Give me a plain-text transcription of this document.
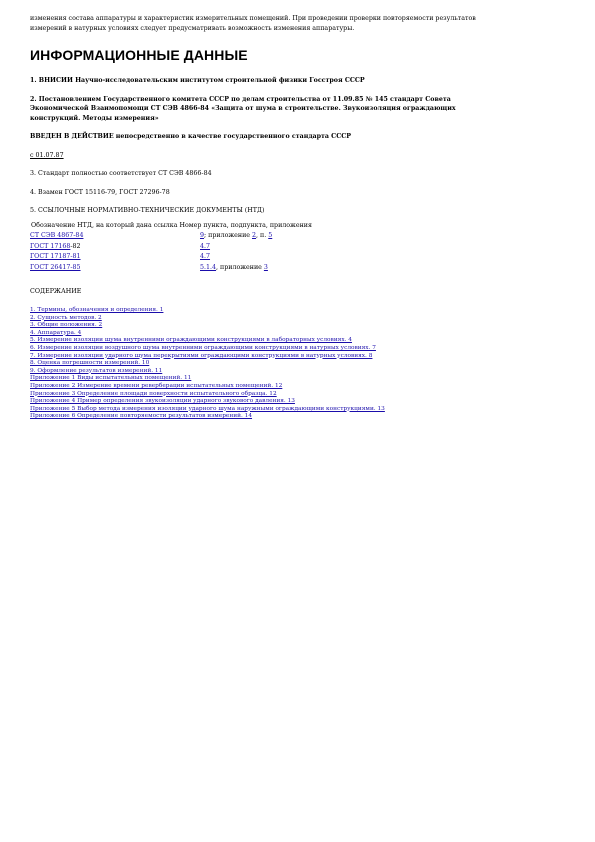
изменения состава аппаратуры и характеристик измерительных помещений. При проведении проверки повторяемости результатов
измерений в натурных условиях следует предусматривать возможность изменения аппаратуры.

ИНФОРМАЦИОННЫЕ ДАННЫЕ

1. ВНИСИИ Научно-исследовательским институтом строительной физики Госстроя СССР

2. Постановлением Государственного комитета СССР по делам строительства от 11.09.85 № 145 стандарт Совета
Экономической Взаимопомощи СТ СЭВ 4866-84 «Защита от шума в строительстве. Звукоизоляция ограждающих
конструкций. Методы измерения»

ВВЕДЕН В ДЕЙСТВИЕ непосредственно в качестве государственного стандарта СССР

с 01.07.87

3. Стандарт полностью соответствует СТ СЭВ 4866-84

4. Взамен ГОСТ 15116-79, ГОСТ 27296-78

5. ССЫЛОЧНЫЕ НОРМАТИВНО-ТЕХНИЧЕСКИЕ ДОКУМЕНТЫ (НТД)

Обозначение НТД, на который дана ссылка Номер пункта, подпункта, приложения	
СТ СЭВ 4867-84	9; приложение 2, п. 5
ГОСТ 17168-82	4.7
ГОСТ 17187-81	4.7
ГОСТ 26417-85	5.1.4, приложение 3
СОДЕРЖАНИЕ
1. Термины, обозначения и определения. 1
2. Сущность методов. 2
3. Общие положения. 2
4. Аппаратура. 4
5. Измерение изоляции шума внутренними ограждающими конструкциями в лабораторных условиях. 4
6. Измерение изоляции воздушного шума внутренними ограждающими конструкциями в натурных условиях. 7
7. Измерение изоляции ударного шума перекрытиями ограждающими конструкциями в натурных условиях. 8
8. Оценка погрешности измерений. 10
9. Оформление результатов измерений. 11
Приложение 1 Виды испытательных помещений. 11
Приложение 2 Измерение времени реверберации испытательных помещений. 12
Приложение 3 Определение площади поверхности испытательного образца. 12
Приложение 4 Пример определения звукоизоляции ударного звукового давления. 13
Приложение 5 Выбор метода измерения изоляции ударного шума наружными ограждающими конструкциями. 13
Приложение 6 Определение повторяемости результатов измерений. 14
